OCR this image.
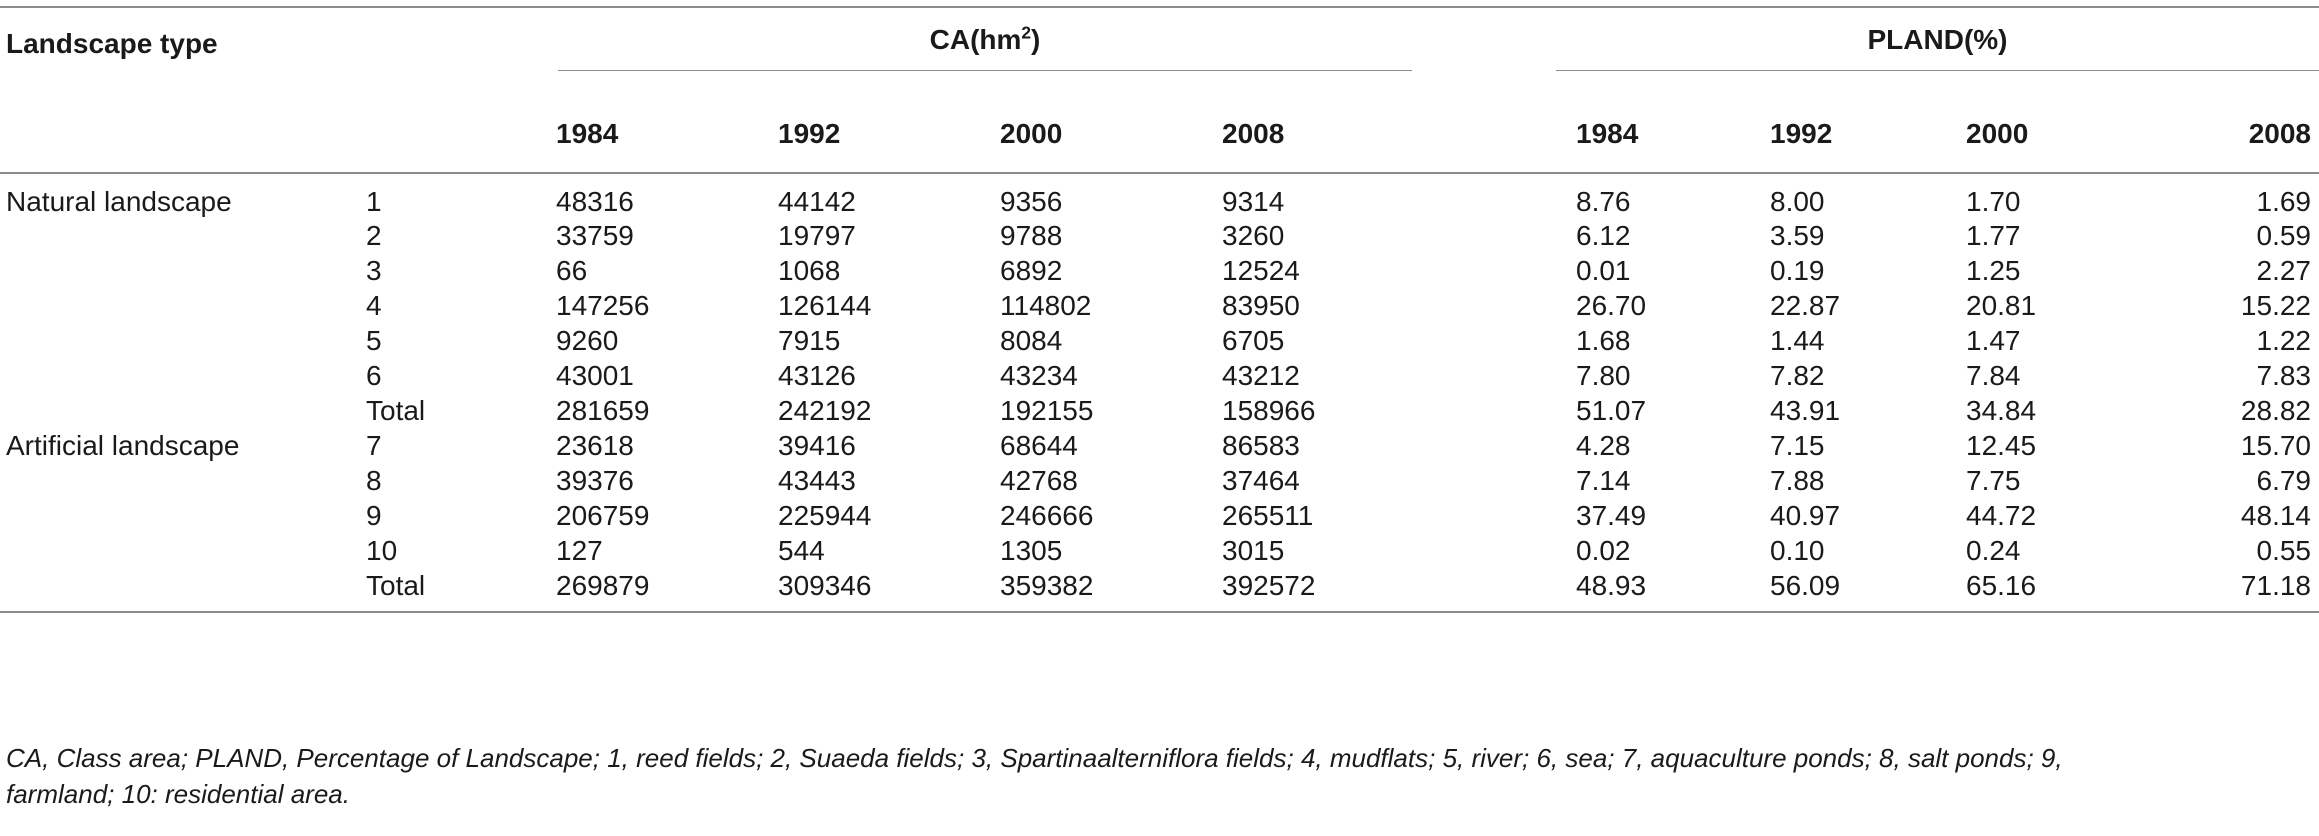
Landscape type		$CA(hm^2)$					PLAND(%)			

		1984	1992	2000	2008		1984	1992	2000	2008
Natural landscape	1	48316	44142	9356	9314		8.76	8.00	1.70	1.69
	2	33759	19797	9788	3260		6.12	3.59	1.77	0.59
	3	66	1068	6892	12524		0.01	0.19	1.25	2.27
	4	147256	126144	114802	83950		26.70	22.87	20.81	15.22
	5	9260	7915	8084	6705		1.68	1.44	1.47	1.22
	6	43001	43126	43234	43212		7.80	7.82	7.84	7.83
	Total	281659	242192	192155	158966		51.07	43.91	34.84	28.82
Artificial landscape	7	23618	39416	68644	86583		4.28	7.15	12.45	15.70
	8	39376	43443	42768	37464		7.14	7.88	7.75	6.79
	9	206759	225944	246666	265511		37.49	40.97	44.72	48.14
	10	127	544	1305	3015		0.02	0.10	0.24	0.55
	Total	269879	309346	359382	392572		48.93	56.09	65.16	71.18

CA, Class area; PLAND, Percentage of Landscape; 1, reed fields; 2, Suaeda fields; 3, Spartinaalterniflora fields; 4, mudflats; 5, river; 6, sea; 7, aquaculture ponds; 8, salt ponds; 9, farmland; 10: residential area.
